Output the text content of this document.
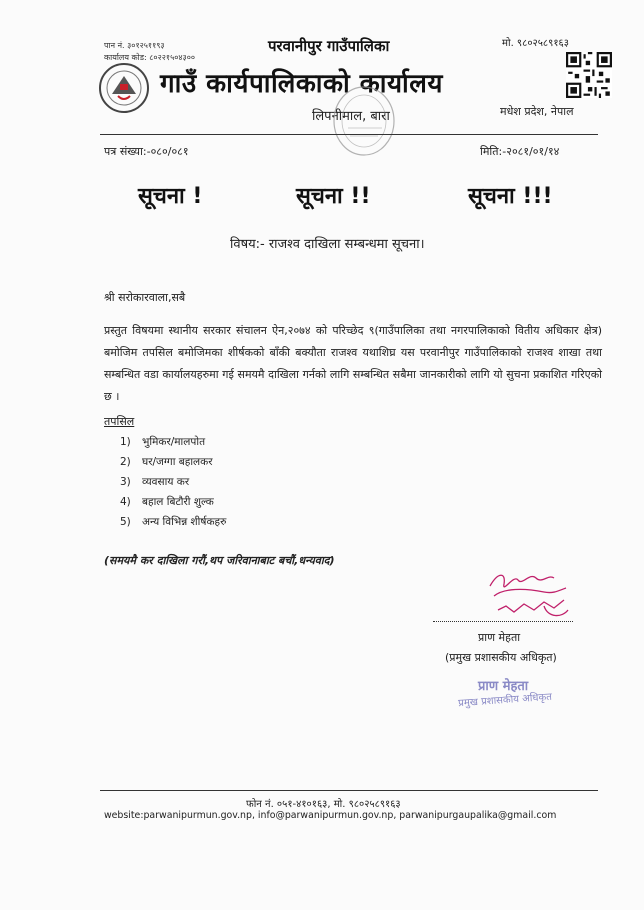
पान नं. ३०१२५११९३
कार्यालय कोड: ८०२२१५०४३००
परवानीपुर गाउँपालिका
गाउँ कार्यपालिकाको कार्यालय
लिपनीमाल, बारा	मधेश प्रदेश, नेपाल
मो. ९८०२५८९१६३
पत्र संख्या:-०८०/०८१	मिति:-२०८१/०१/१४
सूचना !	सूचना !!	सूचना !!!
विषय:- राजश्व दाखिला सम्बन्धमा सूचना।
श्री सरोकारवाला,सबै
प्रस्तुत विषयमा स्थानीय सरकार संचालन ऐन,२०७४ को परिच्छेद ९(गाउँपालिका तथा नगरपालिकाको वितीय अधिकार क्षेत्र) बमोजिम तपसिल बमोजिमका शीर्षकको बाँकी बक्यौता राजश्व यथाशिघ्र यस परवानीपुर गाउँपालिकाको राजश्व शाखा तथा सम्बन्धित वडा कार्यालयहरुमा गई समयमै दाखिला गर्नको लागि सम्बन्धित सबैमा जानकारीको लागि यो सुचना प्रकाशित गरिएको छ ।
तपसिल
1) भुमिकर/मालपोत
2) घर/जग्गा बहालकर
3) व्यवसाय कर
4) बहाल बिटौरी शुल्क
5) अन्य विभिन्न शीर्षकहरु
(समयमै कर दाखिला गरौं,थप जरिवानाबाट बचौं,धन्यवाद)
प्राण मेहता
(प्रमुख प्रशासकीय अधिकृत)
प्राण मेहता
प्रमुख प्रशासकीय अधिकृत
फोन नं. ०५१-४१०१६३, मो. ९८०२५८९१६३
website:parwanipurmun.gov.np, info@parwanipurmun.gov.np, parwanipurgaupalika@gmail.com
